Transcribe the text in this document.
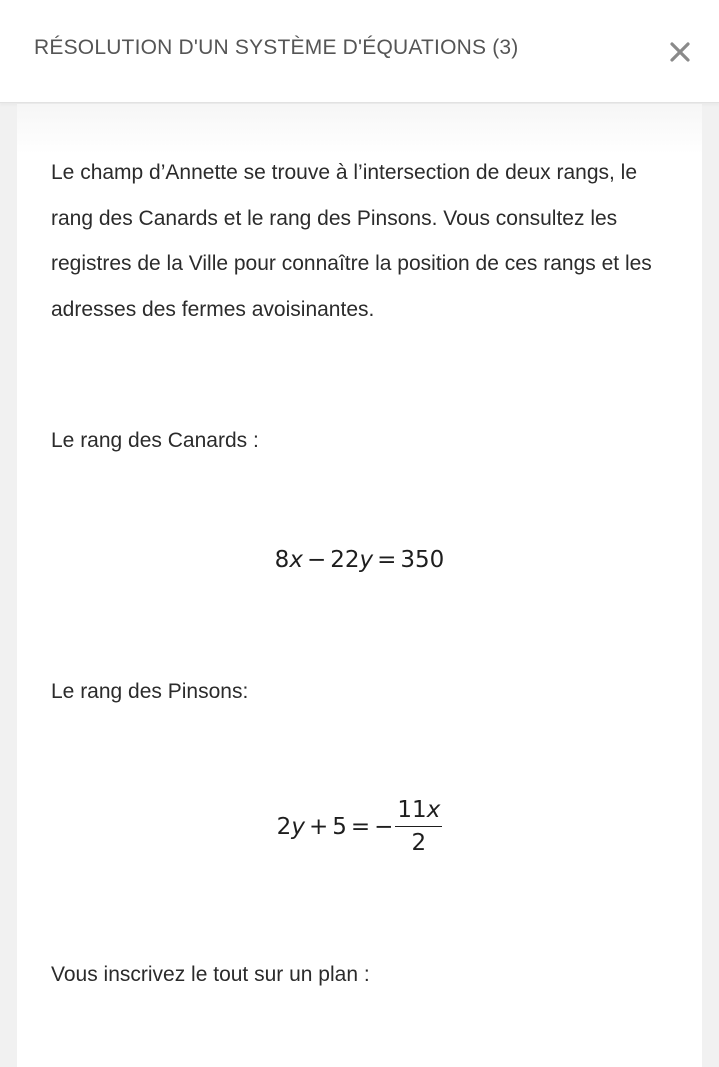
RÉSOLUTION D'UN SYSTÈME D'ÉQUATIONS (3)

Le champ d’Annette se trouve à l’intersection de deux rangs, le rang des Canards et le rang des Pinsons. Vous consultez les registres de la Ville pour connaître la position de ces rangs et les adresses des fermes avoisinantes.

Le rang des Canards :

8x − 22y = 350

Le rang des Pinsons:

2 y + 5 = − $\frac{11x}{2}$

Vous inscrivez le tout sur un plan :
